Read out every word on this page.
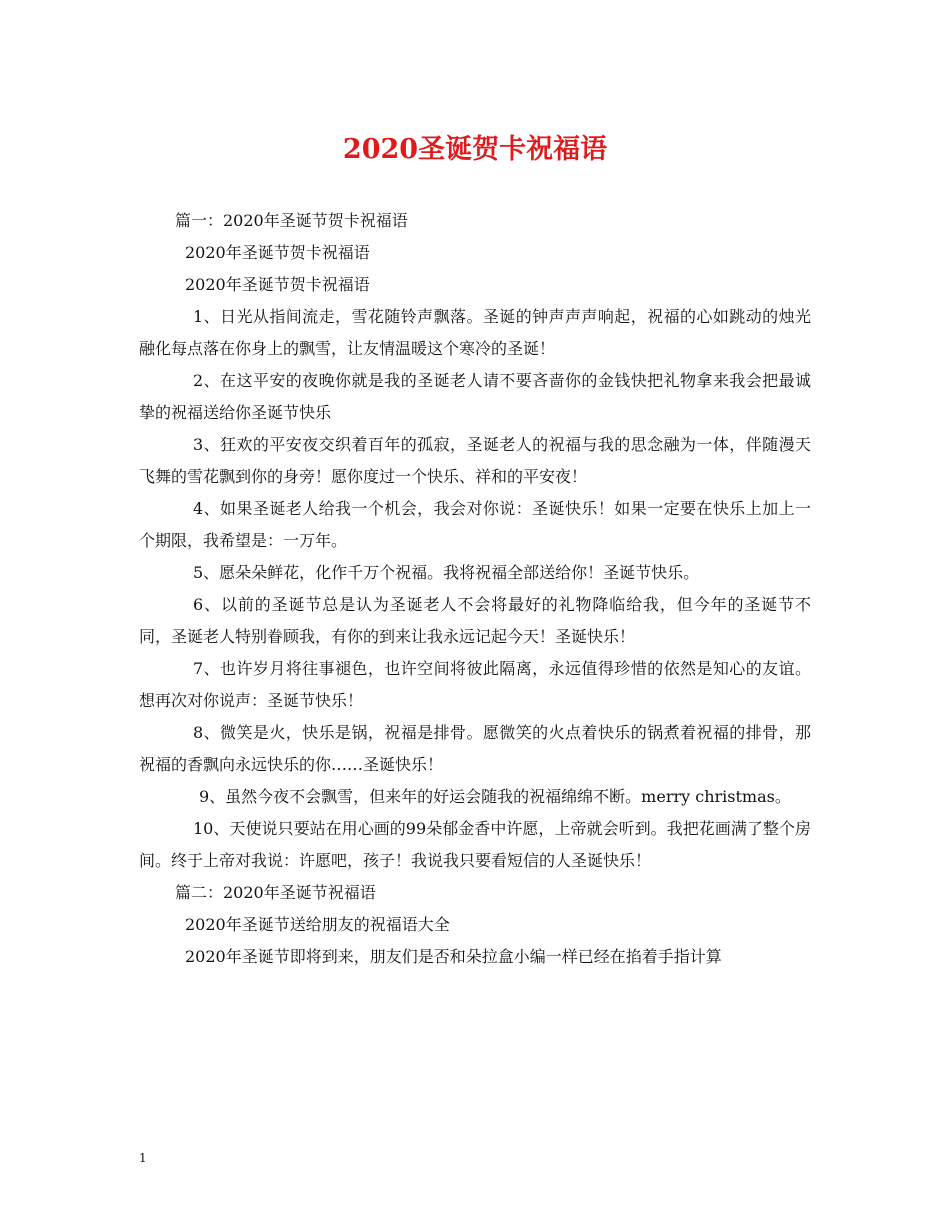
2020圣诞贺卡祝福语

篇一：2020年圣诞节贺卡祝福语

2020年圣诞节贺卡祝福语

2020年圣诞节贺卡祝福语

1、日光从指间流走，雪花随铃声飘落。圣诞的钟声声声响起，祝福的心如跳动的烛光融化每点落在你身上的飘雪，让友情温暖这个寒冷的圣诞！

2、在这平安的夜晚你就是我的圣诞老人请不要吝啬你的金钱快把礼物拿来我会把最诚挚的祝福送给你圣诞节快乐

3、狂欢的平安夜交织着百年的孤寂，圣诞老人的祝福与我的思念融为一体，伴随漫天飞舞的雪花飘到你的身旁！愿你度过一个快乐、祥和的平安夜！

4、如果圣诞老人给我一个机会，我会对你说：圣诞快乐！如果一定要在快乐上加上一个期限，我希望是：一万年。

5、愿朵朵鲜花，化作千万个祝福。我将祝福全部送给你！圣诞节快乐。

6、以前的圣诞节总是认为圣诞老人不会将最好的礼物降临给我，但今年的圣诞节不同，圣诞老人特别眷顾我，有你的到来让我永远记起今天！圣诞快乐！

7、也许岁月将往事褪色，也许空间将彼此隔离，永远值得珍惜的依然是知心的友谊。想再次对你说声：圣诞节快乐！

8、微笑是火，快乐是锅，祝福是排骨。愿微笑的火点着快乐的锅煮着祝福的排骨，那祝福的香飘向永远快乐的你……圣诞快乐！

9、虽然今夜不会飘雪，但来年的好运会随我的祝福绵绵不断。merry christmas。

10、天使说只要站在用心画的99朵郁金香中许愿，上帝就会听到。我把花画满了整个房间。终于上帝对我说：许愿吧，孩子！我说我只要看短信的人圣诞快乐！

篇二：2020年圣诞节祝福语

2020年圣诞节送给朋友的祝福语大全

2020年圣诞节即将到来，朋友们是否和朵拉盒小编一样已经在掐着手指计算

1
